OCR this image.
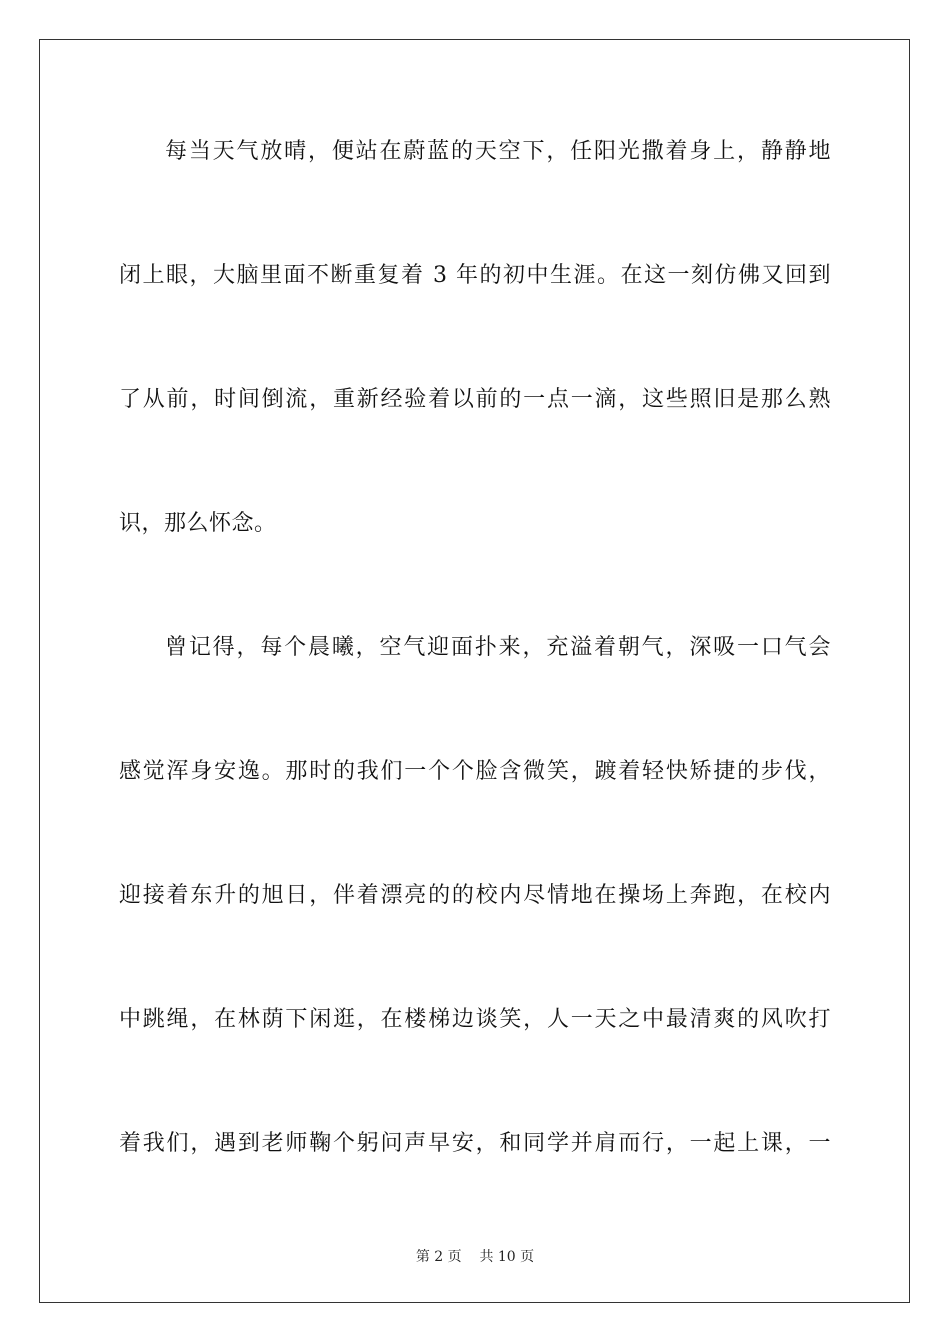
每当天气放晴，便站在蔚蓝的天空下，任阳光撒着身上，静静地
闭上眼，大脑里面不断重复着 3 年的初中生涯。在这一刻仿佛又回到
了从前，时间倒流，重新经验着以前的一点一滴，这些照旧是那么熟
识，那么怀念。
曾记得，每个晨曦，空气迎面扑来，充溢着朝气，深吸一口气会
感觉浑身安逸。那时的我们一个个脸含微笑，踱着轻快矫捷的步伐，
迎接着东升的旭日，伴着漂亮的的校内尽情地在操场上奔跑，在校内
中跳绳，在林荫下闲逛，在楼梯边谈笑，人一天之中最清爽的风吹打
着我们，遇到老师鞠个躬问声早安，和同学并肩而行，一起上课，一
第 2 页 共 10 页
